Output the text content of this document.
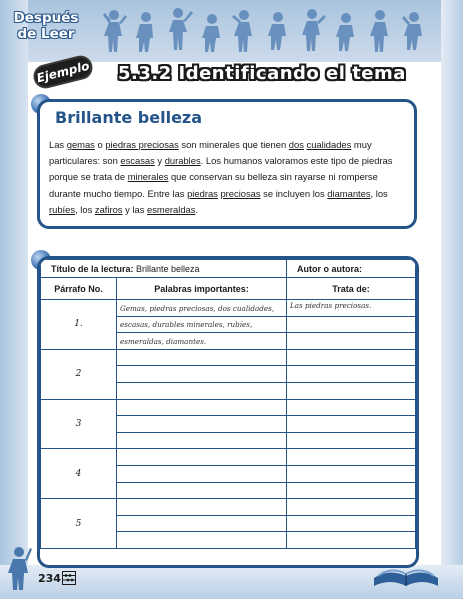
Después
de Leer
Ejemplo 5.3.2 Identificando el tema
Brillante belleza
Las gemas o piedras preciosas son minerales que tienen dos cualidades muy particulares: son escasas y durables. Los humanos valoramos este tipo de piedras porque se trata de minerales que conservan su belleza sin rayarse ni romperse durante mucho tiempo. Entre las piedras preciosas se incluyen los diamantes, los rubíes, los zafiros y las esmeraldas.
Título de la lectura: Brillante belleza		Autor o autora:
Párrafo No.	Palabras importantes:	Trata de:
1.	Gemas, piedras preciosas, dos cualidades,	Las piedras preciosas.
	escasas, durables minerales, rubíes,	
	esmeraldas, diamantes.	
2		

3		

4		

5		

234
